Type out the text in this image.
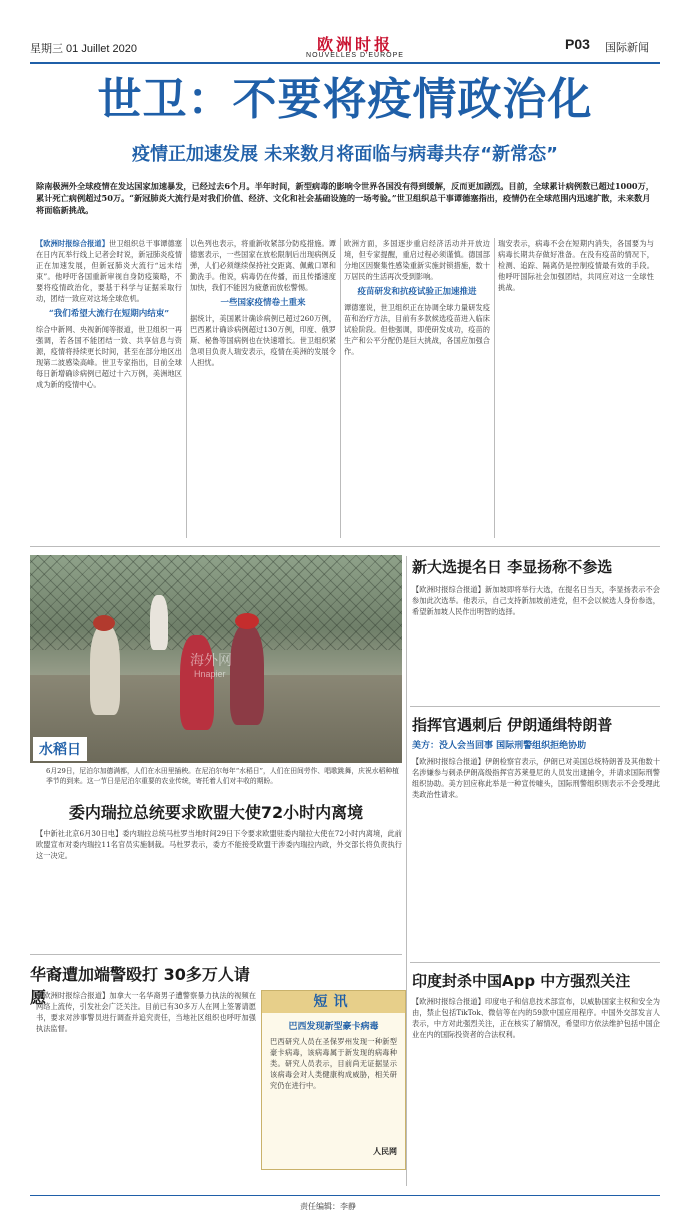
星期三 01 Juillet 2020	欧洲时报
NOUVELLES D'EUROPE
P03 国际新闻
世卫：不要将疫情政治化
疫情正加速发展 未来数月将面临与病毒共存“新常态”
除南极洲外全球疫情在发达国家加速暴发，已经过去6个月。半年时间，新型病毒的影响令世界各国没有得到缓解，反而更加剧烈。目前，全球累计病例数已超过1000万，累计死亡病例超过50万。“新冠肺炎大流行是对我们价值、经济、文化和社会基础设施的一场考验。”世卫组织总干事谭德塞指出，疫情仍在全球范围内迅速扩散，未来数月将面临新挑战。
【欧洲时报综合报道】世卫组织总干事谭德塞在日内瓦举行线上记者会时说，新冠肺炎疫情正在加速发展，但新冠肺炎大流行“远未结束”。他呼吁各国重新审视自身防疫策略，不要将疫情政治化，要基于科学与证据采取行动，团结一致应对这场全球危机。
“我们希望大流行在短期内结束”
综合中新网、央视新闻等报道，世卫组织一再强调，若各国不能团结一致、共享信息与资源，疫情将持续更长时间，甚至在部分地区出现第二波感染高峰。世卫专家指出，目前全球每日新增确诊病例已超过十六万例，美洲地区成为新的疫情中心。
以色列也表示，将重新收紧部分防疫措施。谭德塞表示，一些国家在放松限制后出现病例反弹，人们必须继续保持社交距离、佩戴口罩和勤洗手。他说，病毒仍在传播，而且传播速度加快，我们不能因为疲惫而放松警惕。
一些国家疫情卷土重来
据统计，美国累计确诊病例已超过260万例，巴西累计确诊病例超过130万例，印度、俄罗斯、秘鲁等国病例也在快速增长。世卫组织紧急项目负责人瑞安表示，疫情在美洲的发展令人担忧。
欧洲方面，多国逐步重启经济活动并开放边境，但专家提醒，重启过程必须谨慎。德国部分地区因聚集性感染重新实施封锁措施，数十万居民的生活再次受到影响。
疫苗研发和抗疫试验正加速推进
谭德塞说，世卫组织正在协调全球力量研发疫苗和治疗方法，目前有多款候选疫苗进入临床试验阶段。但他强调，即使研发成功，疫苗的生产和公平分配仍是巨大挑战，各国应加强合作。
瑞安表示，病毒不会在短期内消失，各国要为与病毒长期共存做好准备。在没有疫苗的情况下，检测、追踪、隔离仍是控制疫情最有效的手段。他呼吁国际社会加强团结，共同应对这一全球性挑战。
海外网
Hnapier
水稻日
6月29日，尼泊尔加德满都，人们在水田里插秧。在尼泊尔每年“水稻日”，人们在田间劳作、唱歌跳舞，庆祝水稻种植季节的到来。这一节日是尼泊尔重要的农业传统，寄托着人们对丰收的期盼。
新大选提名日 李显扬称不参选
【欧洲时报综合报道】新加坡即将举行大选，在提名日当天，李显扬表示不会参加此次选举。他表示，自己支持新加坡前进党，但不会以候选人身份参选，希望新加坡人民作出明智的选择。
指挥官遇刺后 伊朗通缉特朗普
美方：没人会当回事 国际刑警组织拒绝协助
【欧洲时报综合报道】伊朗检察官表示，伊朗已对美国总统特朗普及其他数十名涉嫌参与刺杀伊朗高级指挥官苏莱曼尼的人员发出逮捕令，并请求国际刑警组织协助。美方回应称此举是一种宣传噱头，国际刑警组织则表示不会受理此类政治性请求。
印度封杀中国App 中方强烈关注
【欧洲时报综合报道】印度电子和信息技术部宣布，以威胁国家主权和安全为由，禁止包括TikTok、微信等在内的59款中国应用程序。中国外交部发言人表示，中方对此强烈关注，正在核实了解情况，希望印方依法维护包括中国企业在内的国际投资者的合法权利。
委内瑞拉总统要求欧盟大使72小时内离境
【中新社北京6月30日电】委内瑞拉总统马杜罗当地时间29日下令要求欧盟驻委内瑞拉大使在72小时内离境，此前欧盟宣布对委内瑞拉11名官员实施制裁。马杜罗表示，委方不能接受欧盟干涉委内瑞拉内政，外交部长将负责执行这一决定。
华裔遭加端警殴打 30多万人请愿
【欧洲时报综合报道】加拿大一名华裔男子遭警察暴力执法的视频在网络上流传，引发社会广泛关注。目前已有30多万人在网上签署请愿书，要求对涉事警员进行调查并追究责任，当地社区组织也呼吁加强执法监督。
短讯
巴西发现新型豪卡病毒
巴西研究人员在圣保罗州发现一种新型豪卡病毒，该病毒属于新发现的病毒种类。研究人员表示，目前尚无证据显示该病毒会对人类健康构成威胁，相关研究仍在进行中。
人民网
责任编辑：李静
